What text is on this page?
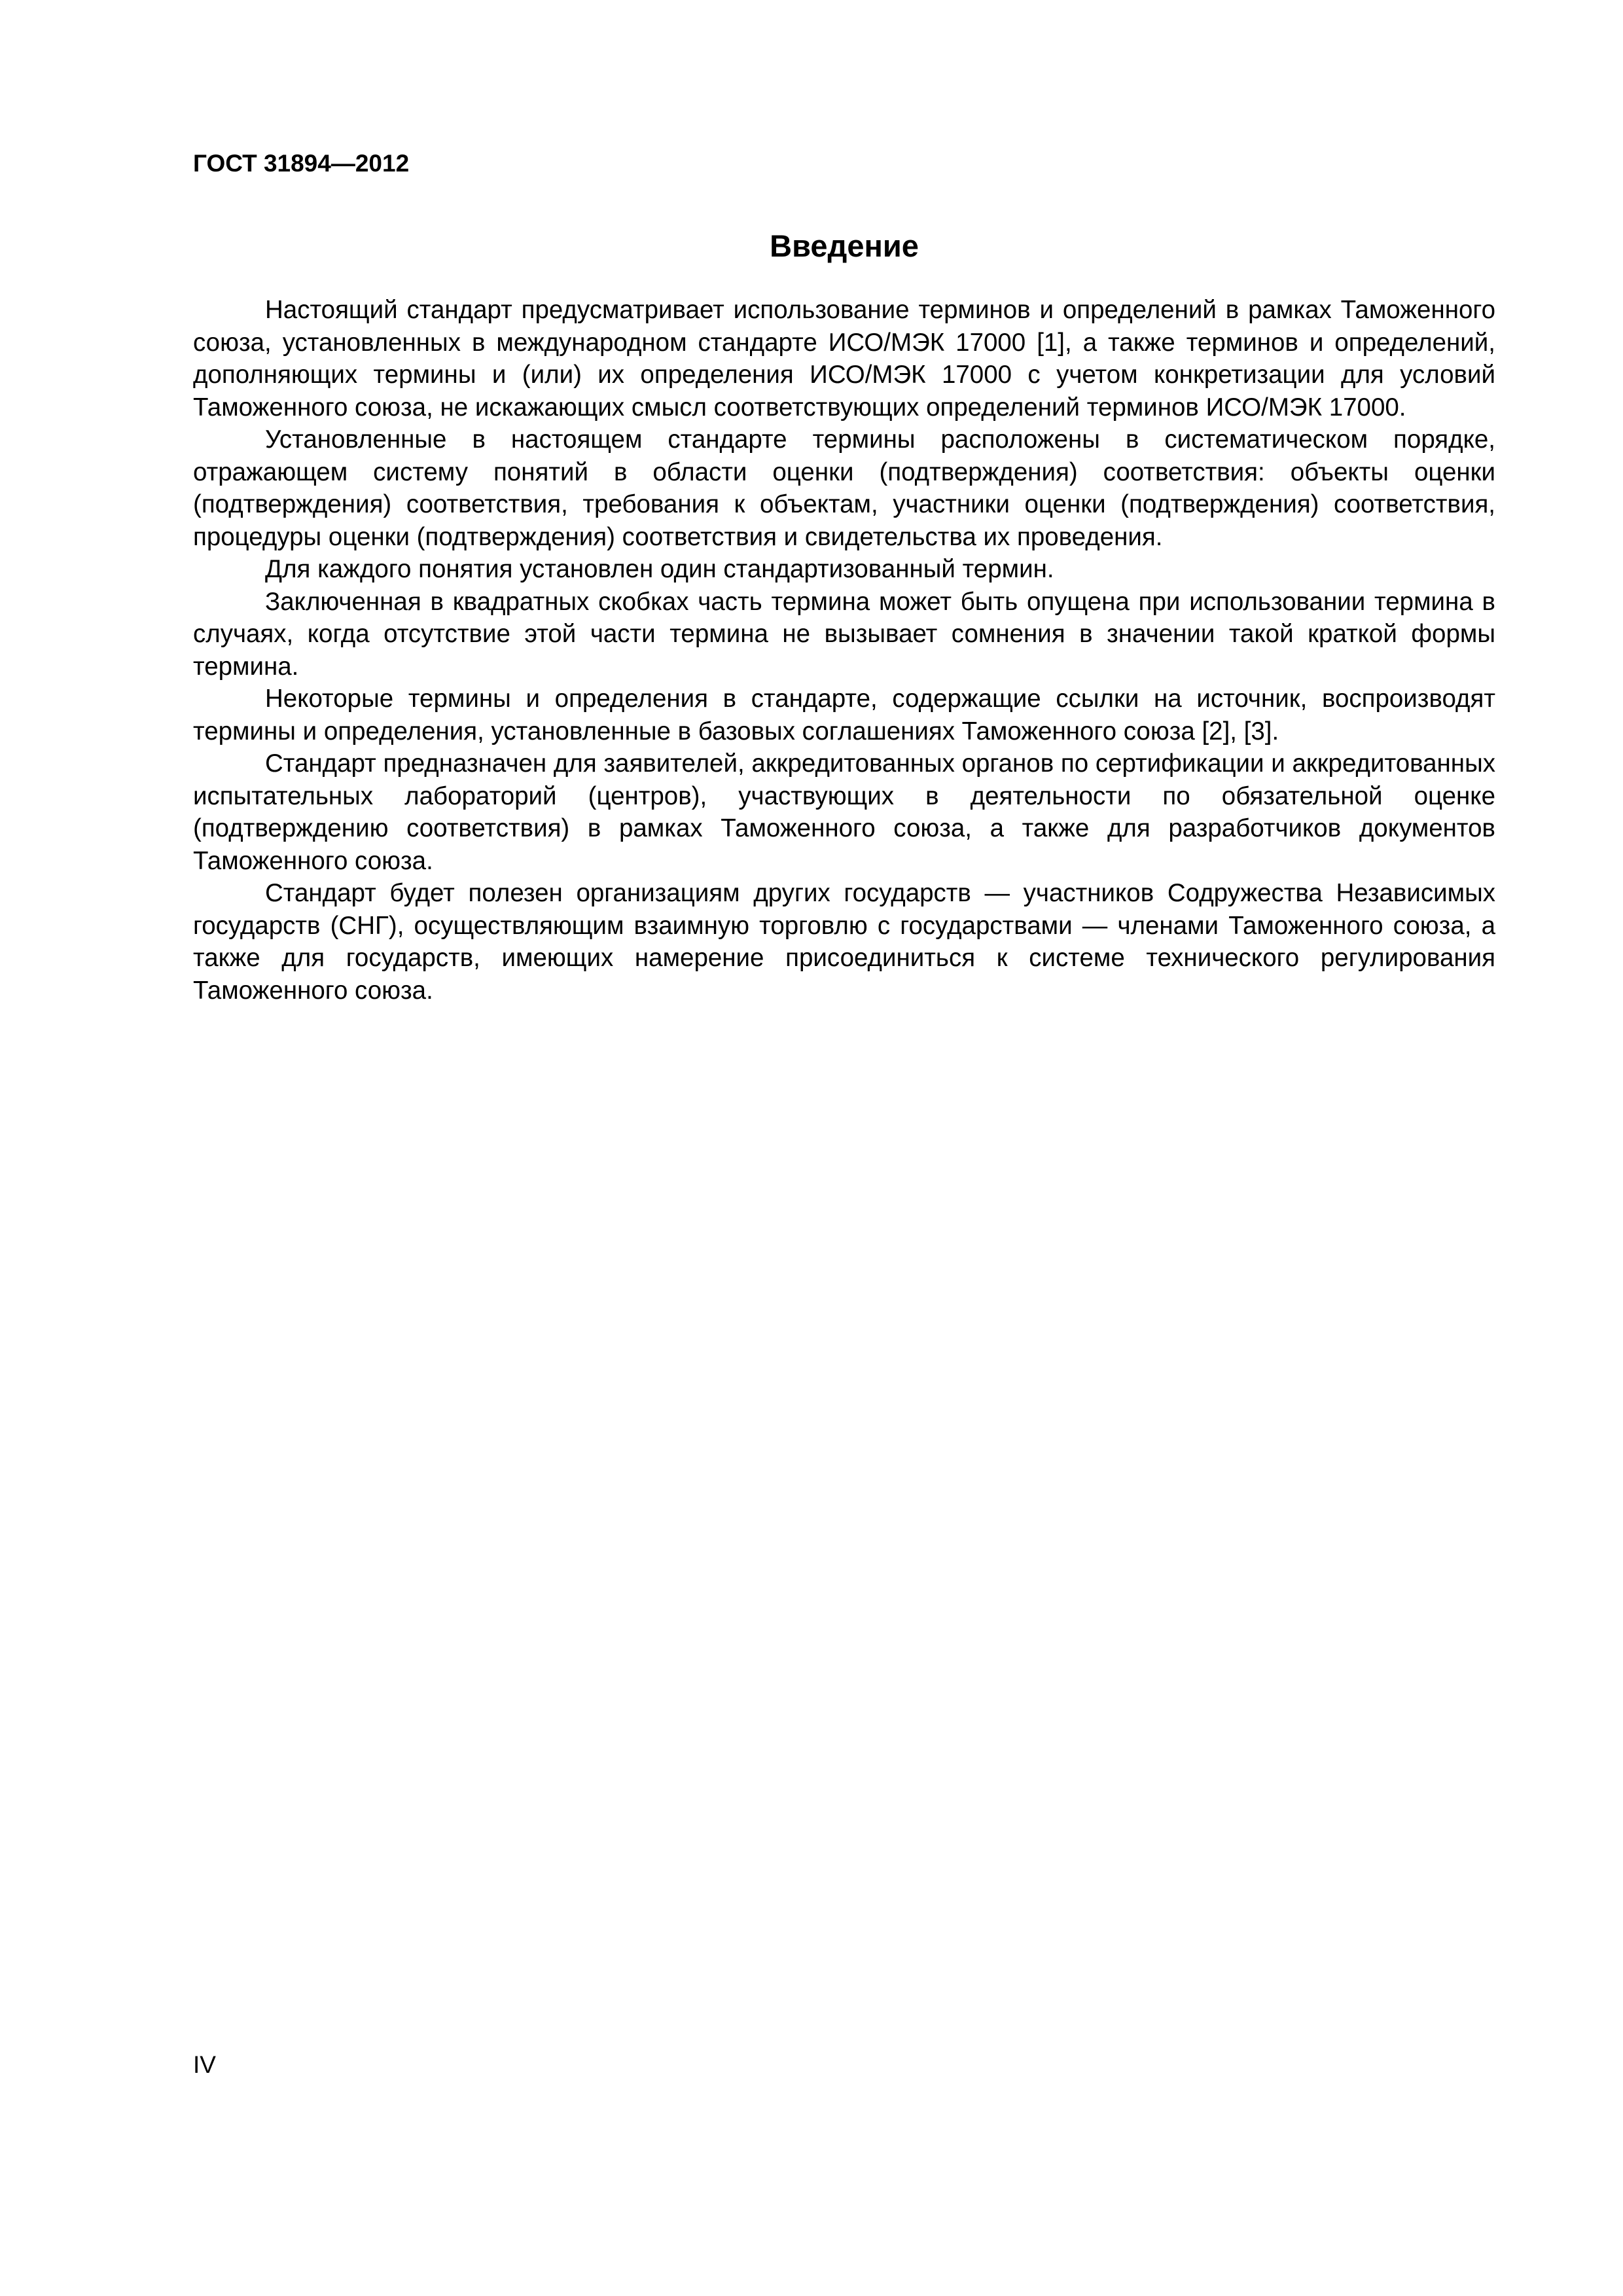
ГОСТ 31894—2012
Введение

Настоящий стандарт предусматривает использование терминов и определений в рамках Таможенного союза, установленных в международном стандарте ИСО/МЭК 17000 [1], а также терминов и определений, дополняющих термины и (или) их определения ИСО/МЭК 17000 с учетом конкретизации для условий Таможенного союза, не искажающих смысл соответствующих определений терминов ИСО/МЭК 17000.

Установленные в настоящем стандарте термины расположены в систематическом порядке, отражающем систему понятий в области оценки (подтверждения) соответствия: объекты оценки (подтверждения) соответствия, требования к объектам, участники оценки (подтверждения) соответствия, процедуры оценки (подтверждения) соответствия и свидетельства их проведения.

Для каждого понятия установлен один стандартизованный термин.

Заключенная в квадратных скобках часть термина может быть опущена при использовании термина в случаях, когда отсутствие этой части термина не вызывает сомнения в значении такой краткой формы термина.

Некоторые термины и определения в стандарте, содержащие ссылки на источник, воспроизводят термины и определения, установленные в базовых соглашениях Таможенного союза [2], [3].

Стандарт предназначен для заявителей, аккредитованных органов по сертификации и аккредитованных испытательных лабораторий (центров), участвующих в деятельности по обязательной оценке (подтверждению соответствия) в рамках Таможенного союза, а также для разработчиков документов Таможенного союза.

Стандарт будет полезен организациям других государств — участников Содружества Независимых государств (СНГ), осуществляющим взаимную торговлю с государствами — членами Таможенного союза, а также для государств, имеющих намерение присоединиться к системе технического регулирования Таможенного союза.

IV
